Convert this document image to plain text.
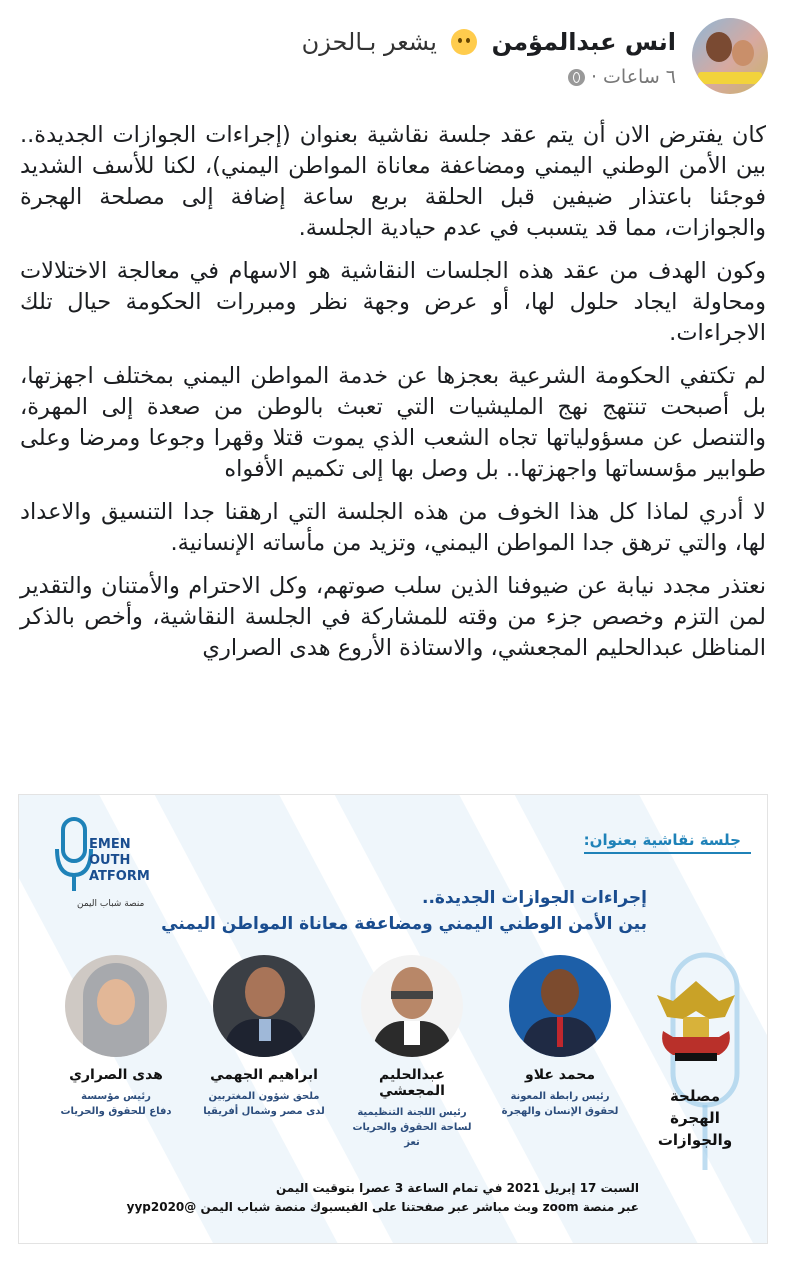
انس عبدالمؤمن  يشعر بـالحزن
٦ ساعات ·

كان يفترض الان أن يتم عقد جلسة نقاشية بعنوان (إجراءات الجوازات الجديدة.. بين الأمن الوطني اليمني ومضاعفة معاناة المواطن اليمني)، لكنا للأسف الشديد فوجئنا باعتذار ضيفين قبل الحلقة بربع ساعة إضافة إلى مصلحة الهجرة والجوازات، مما قد يتسبب في عدم حيادية الجلسة.

وكون الهدف من عقد هذه الجلسات النقاشية هو الاسهام في معالجة الاختلالات ومحاولة ايجاد حلول لها، أو عرض وجهة نظر ومبررات الحكومة حيال تلك الاجراءات.

لم تكتفي الحكومة الشرعية بعجزها عن خدمة المواطن اليمني بمختلف اجهزتها، بل أصبحت تنتهج نهج المليشيات التي تعبث بالوطن من صعدة إلى المهرة، والتنصل عن مسؤولياتها تجاه الشعب الذي يموت قتلا وقهرا وجوعا ومرضا وعلى طوابير مؤسساتها واجهزتها.. بل وصل بها إلى تكميم الأفواه

لا أدري لماذا كل هذا الخوف من هذه الجلسة التي ارهقنا جدا التنسيق والاعداد لها، والتي ترهق جدا المواطن اليمني، وتزيد من مأساته الإنسانية.

نعتذر مجدد نيابة عن ضيوفنا الذين سلب صوتهم، وكل الاحترام والأمتنان والتقدير لمن التزم وخصص جزء من وقته للمشاركة في الجلسة النقاشية، وأخص بالذكر المناظل عبدالحليم المجعشي، والاستاذة الأروع هدى الصراري

EMEN
OUTH
ATFORM
منصة شباب اليمن
جلسة نقاشية بعنوان:
إجراءات الجوازات الجديدة..
بين الأمن الوطني اليمني ومضاعفة معاناة المواطن اليمني
مصلحة الهجرة والجوازات
محمد علاو
رئيس رابطة المعونة
لحقوق الإنسان والهجرة
عبدالحليم المجعشي
رئيس اللجنة التنظيمية
لساحة الحقوق والحريات تعز
ابراهيم الجهمي
ملحق شؤون المغتربين
لدى مصر وشمال أفريقيا
هدى الصراري
رئيس مؤسسة
دفاع للحقوق والحريات
السبت 17 إبريل 2021 في تمام الساعة 3 عصرا بتوقيت اليمن
عبر منصة zoom وبث مباشر عبر صفحتنا على الفيسبوك منصة شباب اليمن @yyp2020
